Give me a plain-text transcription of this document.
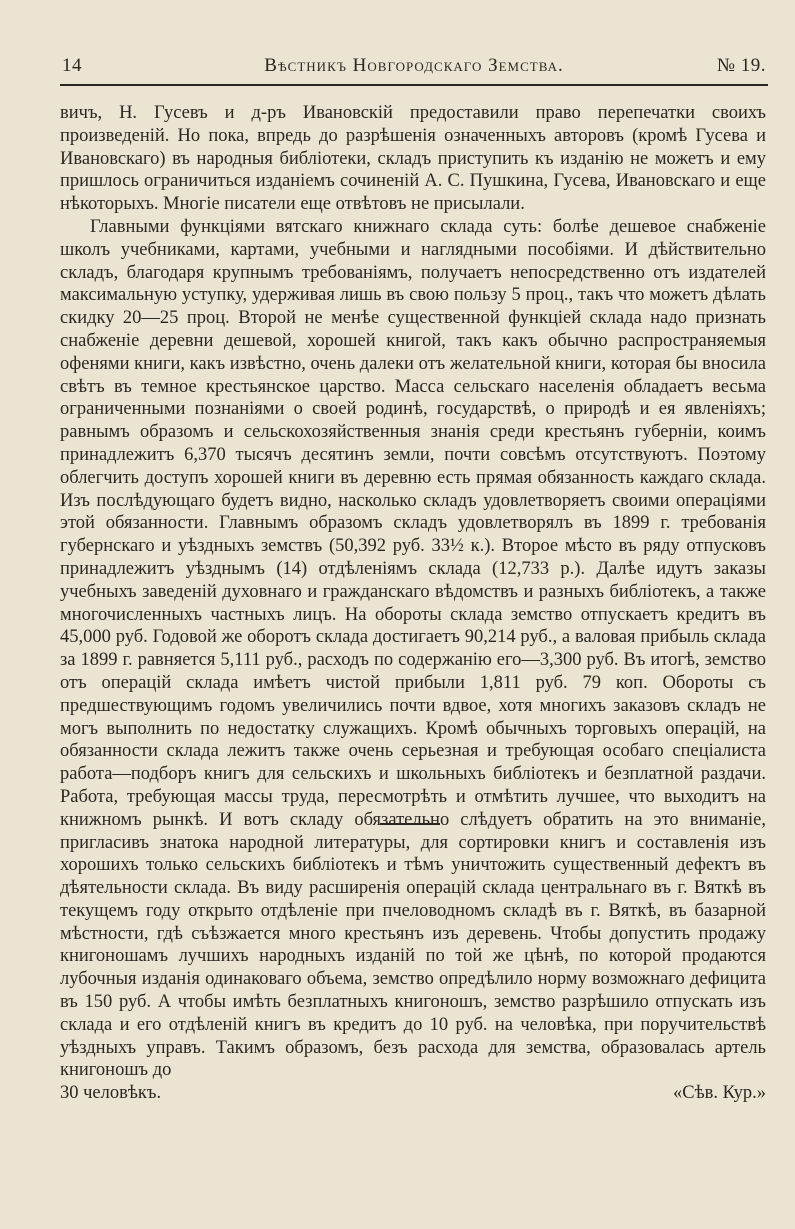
14	Вѣстникъ Новгородскаго Земства.	№ 19.

вичъ, Н. Гусевъ и д-ръ Ивановскій предоставили право перепечатки своихъ произведеній. Но пока, впредь до разрѣшенія означенныхъ авторовъ (кромѣ Гусева и Ивановскаго) въ народныя библіотеки, складъ приступить къ изданію не можетъ и ему пришлось ограничиться изданіемъ сочиненій А. С. Пушкина, Гусева, Ивановскаго и еще нѣкоторыхъ. Многіе писатели еще отвѣтовъ не присылали.

Главными функціями вятскаго книжнаго склада суть: болѣе дешевое снабженіе школъ учебниками, картами, учебными и наглядными пособіями. И дѣйствительно складъ, благодаря крупнымъ требованіямъ, получаетъ непосредственно отъ издателей максимальную уступку, удерживая лишь въ свою пользу 5 проц., такъ что можетъ дѣлать скидку 20—25 проц. Второй не менѣе существенной функціей склада надо признать снабженіе деревни дешевой, хорошей книгой, такъ какъ обычно распространяемыя офенями книги, какъ извѣстно, очень далеки отъ желательной книги, которая бы вносила свѣтъ въ темное крестьянское царство. Масса сельскаго населенія обладаетъ весьма ограниченными познаніями о своей родинѣ, государствѣ, о природѣ и ея явленіяхъ; равнымъ образомъ и сельскохозяйственныя знанія среди крестьянъ губерніи, коимъ принадлежитъ 6,370 тысячъ десятинъ земли, почти совсѣмъ отсутствуютъ. Поэтому облегчить доступъ хорошей книги въ деревню есть прямая обязанность каждаго склада. Изъ послѣдующаго будетъ видно, насколько складъ удовлетворяетъ своими операціями этой обязанности. Главнымъ образомъ складъ удовлетворялъ въ 1899 г. требованія губернскаго и уѣздныхъ земствъ (50,392 руб. 33½ к.). Второе мѣсто въ ряду отпусковъ принадлежитъ уѣзднымъ (14) отдѣленіямъ склада (12,733 р.). Далѣе идутъ заказы учебныхъ заведеній духовнаго и гражданскаго вѣдомствъ и разныхъ библіотекъ, а также многочисленныхъ частныхъ лицъ. На обороты склада земство отпускаетъ кредитъ въ 45,000 руб. Годовой же оборотъ склада достигаетъ 90,214 руб., а валовая прибыль склада за 1899 г. равняется 5,111 руб., расходъ по содержанію его—3,300 руб. Въ итогѣ, земство отъ операцій склада имѣетъ чистой прибыли 1,811 руб. 79 коп. Обороты съ предшествующимъ годомъ увеличились почти вдвое, хотя многихъ заказовъ складъ не могъ выполнить по недостатку служащихъ. Кромѣ обычныхъ торговыхъ операцій, на обязанности склада лежитъ также очень серьезная и требующая особаго спеціалиста работа—подборъ книгъ для сельскихъ и школьныхъ библіотекъ и безплатной раздачи. Работа, требующая массы труда, пересмотрѣть и отмѣтить лучшее, что выходитъ на книжномъ рынкѣ. И вотъ складу обязательно слѣдуетъ обратить на это вниманіе, пригласивъ знатока народной литературы, для сортировки книгъ и составленія изъ хорошихъ только сельскихъ библіотекъ и тѣмъ уничтожить существенный дефектъ въ дѣятельности склада. Въ виду расширенія операцій склада центральнаго въ г. Вяткѣ въ текущемъ году открыто отдѣленіе при пчеловодномъ складѣ въ г. Вяткѣ, въ базарной мѣстности, гдѣ съѣзжается много крестьянъ изъ деревень. Чтобы допустить продажу книгоношамъ лучшихъ народныхъ изданій по той же цѣнѣ, по которой продаются лубочныя изданія одинаковаго объема, земство опредѣлило норму возможнаго дефицита въ 150 руб. А чтобы имѣть безплатныхъ книгоношъ, земство разрѣшило отпускать изъ склада и его отдѣленій книгъ въ кредитъ до 10 руб. на человѣка, при поручительствѣ уѣздныхъ управъ. Такимъ образомъ, безъ расхода для земства, образовалась артель книгоношъ до

30 человѣкъ.	«Сѣв. Кур.»
